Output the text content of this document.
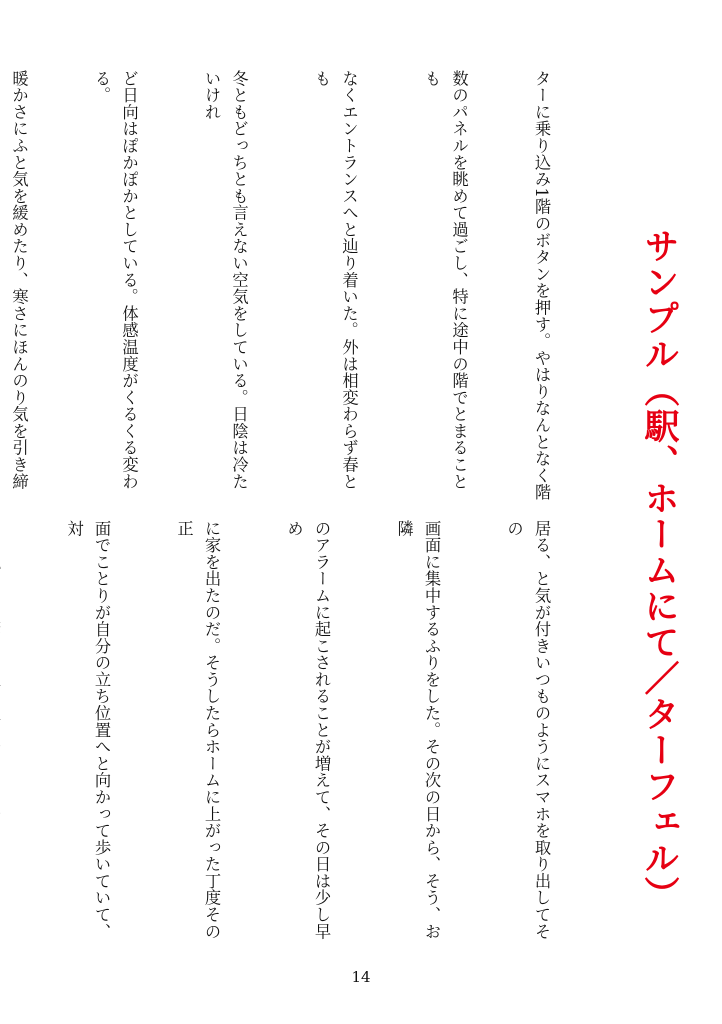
サンプル（駅、ホームにて／ターフェル）

ターに乗り込み1階のボタンを押す。やはりなんとなく階

数のパネルを眺めて過ごし、特に途中の階でとまることも

なくエントランスへと辿り着いた。外は相変わらず春とも

冬ともどっちとも言えない空気をしている。日陰は冷たいけれ

ど日向はぽかぽかとしている。体感温度がくるくる変わる。

暖かさにふと気を緩めたり、寒さにほんのり気を引き締

居る、と気が付きいつものようにスマホを取り出してその

画面に集中するふりをした。その次の日から、そう、お隣

のアラームに起こされることが増えて、その日は少し早め

に家を出たのだ。そうしたらホームに上がった丁度その正

面でことりが自分の立ち位置へと向かって歩いていて、対

14
